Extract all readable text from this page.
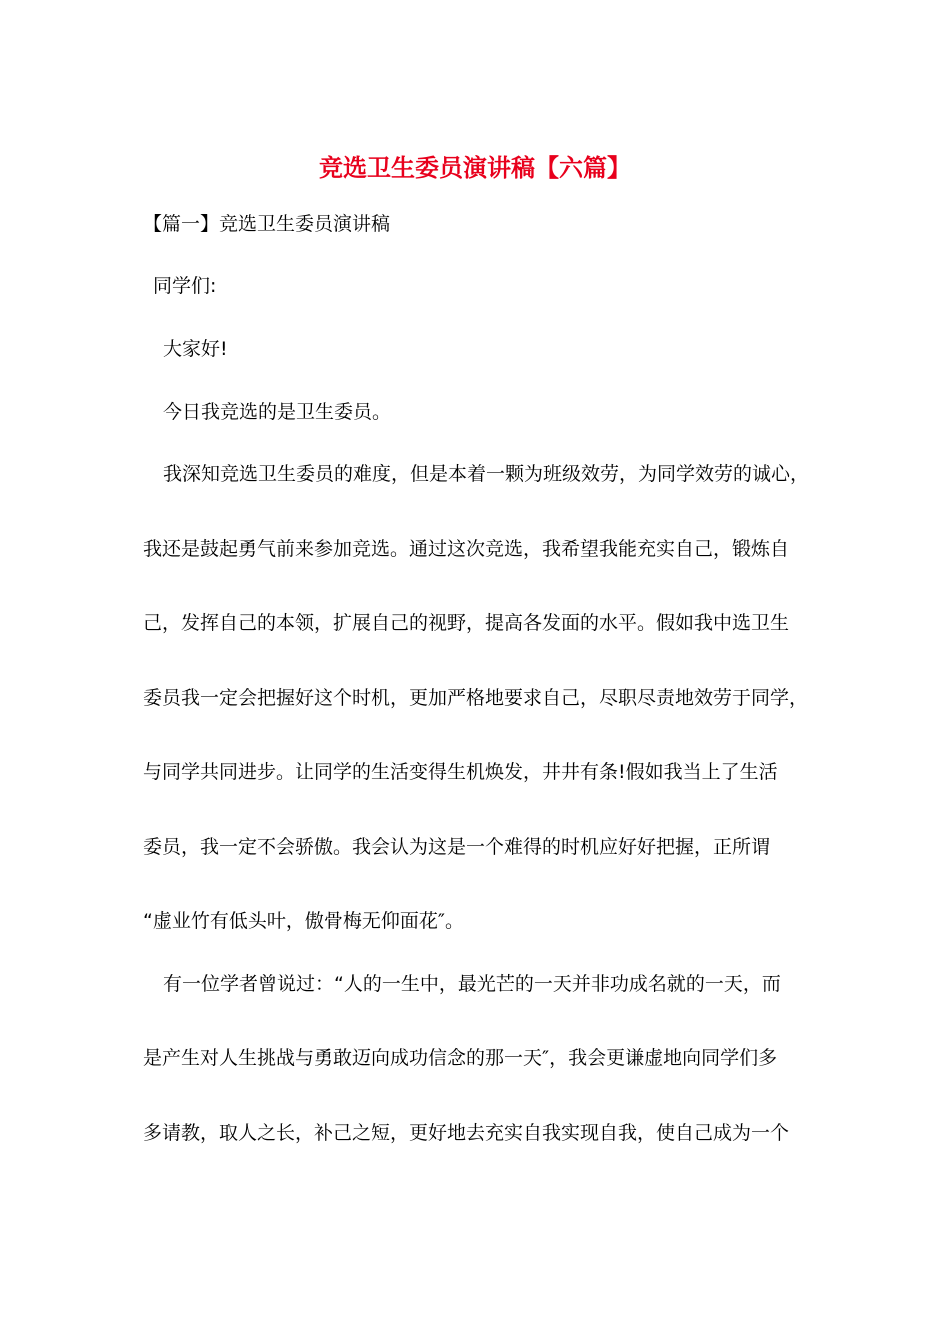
竞选卫生委员演讲稿【六篇】
【篇一】竞选卫生委员演讲稿
同学们:
大家好!
今日我竞选的是卫生委员。
我深知竞选卫生委员的难度，但是本着一颗为班级效劳，为同学效劳的诚心，
我还是鼓起勇气前来参加竞选。通过这次竞选，我希望我能充实自己，锻炼自
己，发挥自己的本领，扩展自己的视野，提高各发面的水平。假如我中选卫生
委员我一定会把握好这个时机，更加严格地要求自己，尽职尽责地效劳于同学，
与同学共同进步。让同学的生活变得生机焕发，井井有条!假如我当上了生活
委员，我一定不会骄傲。我会认为这是一个难得的时机应好好把握，正所谓
“虚业竹有低头叶，傲骨梅无仰面花″。
有一位学者曾说过：“人的一生中，最光芒的一天并非功成名就的一天，而
是产生对人生挑战与勇敢迈向成功信念的那一天″，我会更谦虚地向同学们多
多请教，取人之长，补己之短，更好地去充实自我实现自我，使自己成为一个
